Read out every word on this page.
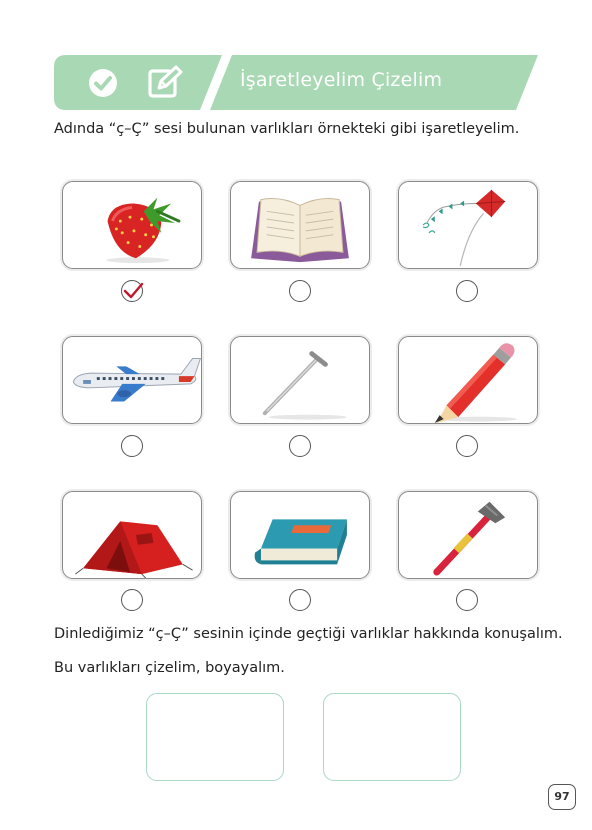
İşaretleyelim Çizelim
Adında “ç–Ç” sesi bulunan varlıkları örnekteki gibi işaretleyelim.
Dinlediğimiz “ç–Ç” sesinin içinde geçtiği varlıklar hakkında konuşalım.
Bu varlıkları çizelim, boyayalım.
97
